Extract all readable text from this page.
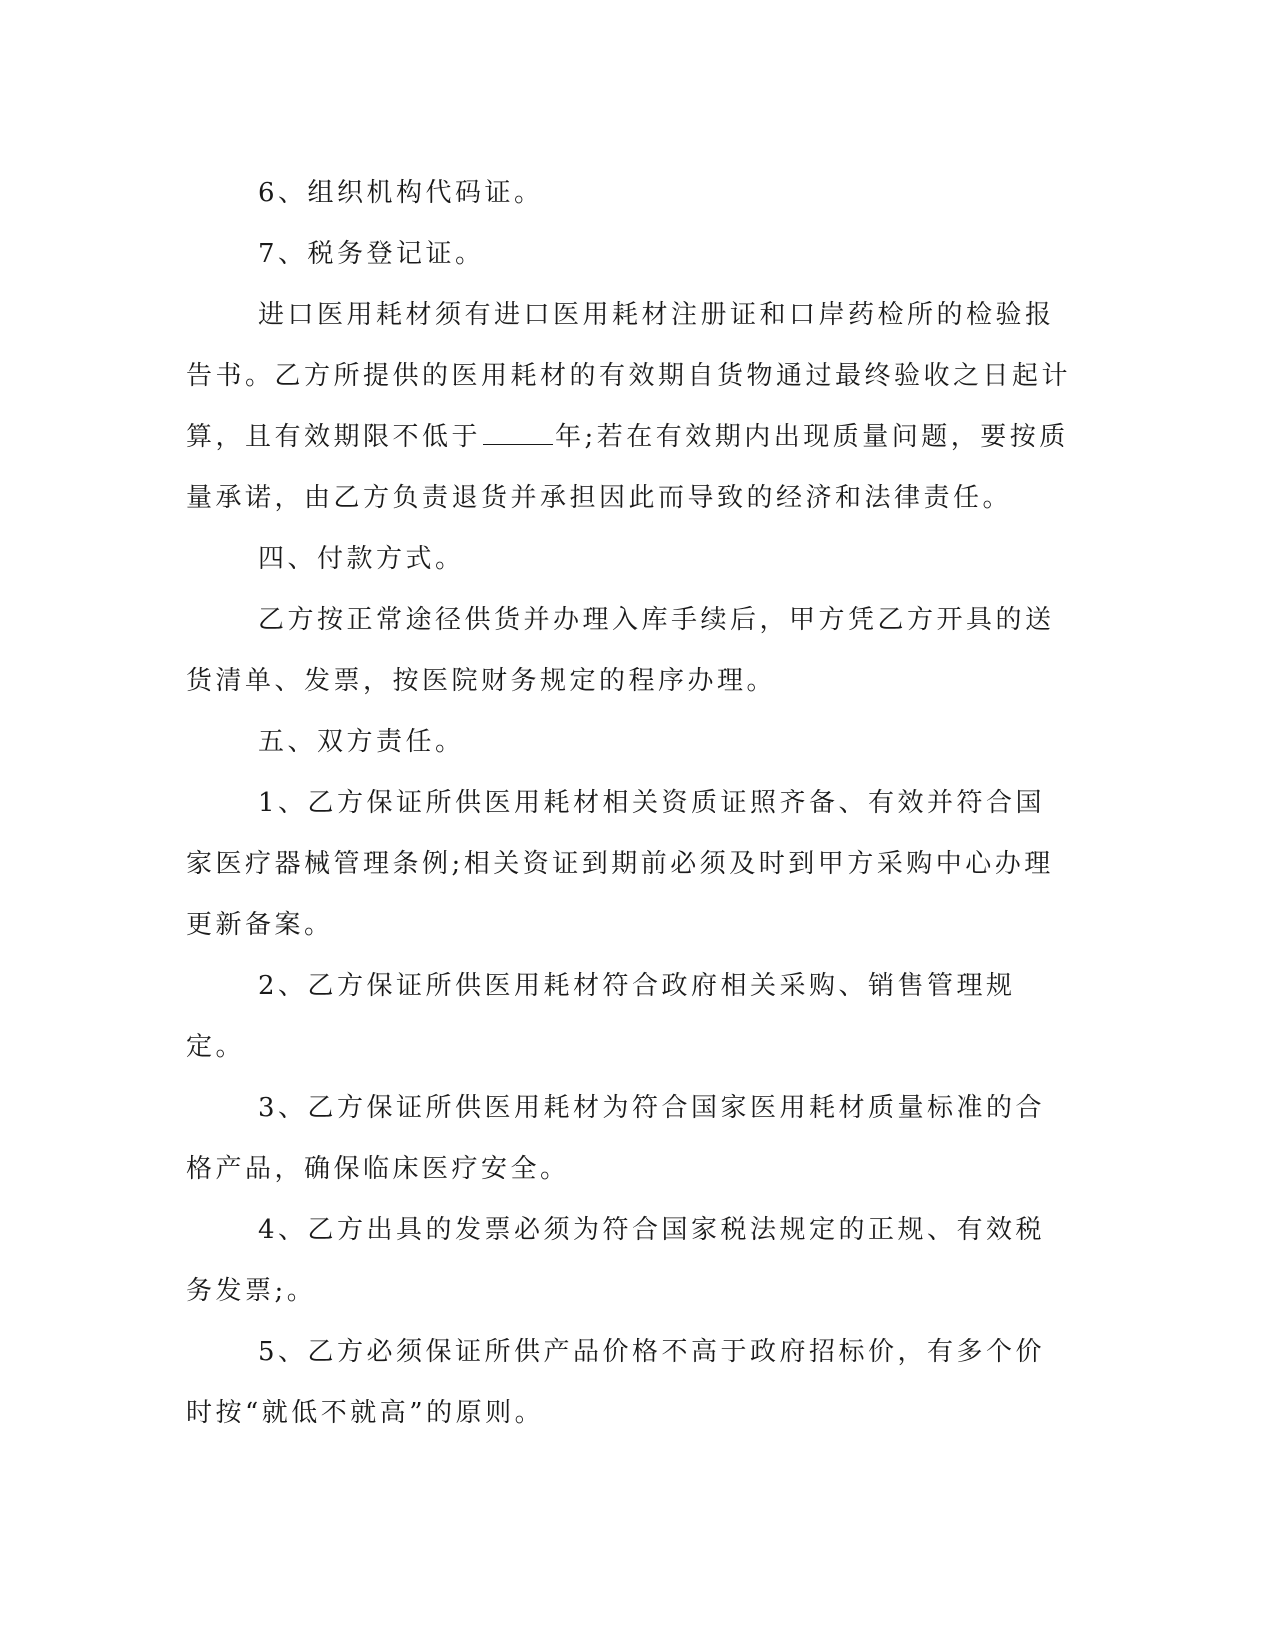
6、组织机构代码证。

7、税务登记证。

进口医用耗材须有进口医用耗材注册证和口岸药检所的检验报告书。乙方所提供的医用耗材的有效期自货物通过最终验收之日起计算，且有效期限不低于	年;若在有效期内出现质量问题，要按质量承诺，由乙方负责退货并承担因此而导致的经济和法律责任。

四、付款方式。

乙方按正常途径供货并办理入库手续后，甲方凭乙方开具的送货清单、发票，按医院财务规定的程序办理。

五、双方责任。

1、乙方保证所供医用耗材相关资质证照齐备、有效并符合国家医疗器械管理条例;相关资证到期前必须及时到甲方采购中心办理更新备案。

2、乙方保证所供医用耗材符合政府相关采购、销售管理规定。

3、乙方保证所供医用耗材为符合国家医用耗材质量标准的合格产品，确保临床医疗安全。

4、乙方出具的发票必须为符合国家税法规定的正规、有效税务发票;。

5、乙方必须保证所供产品价格不高于政府招标价，有多个价时按“就低不就高”的原则。
